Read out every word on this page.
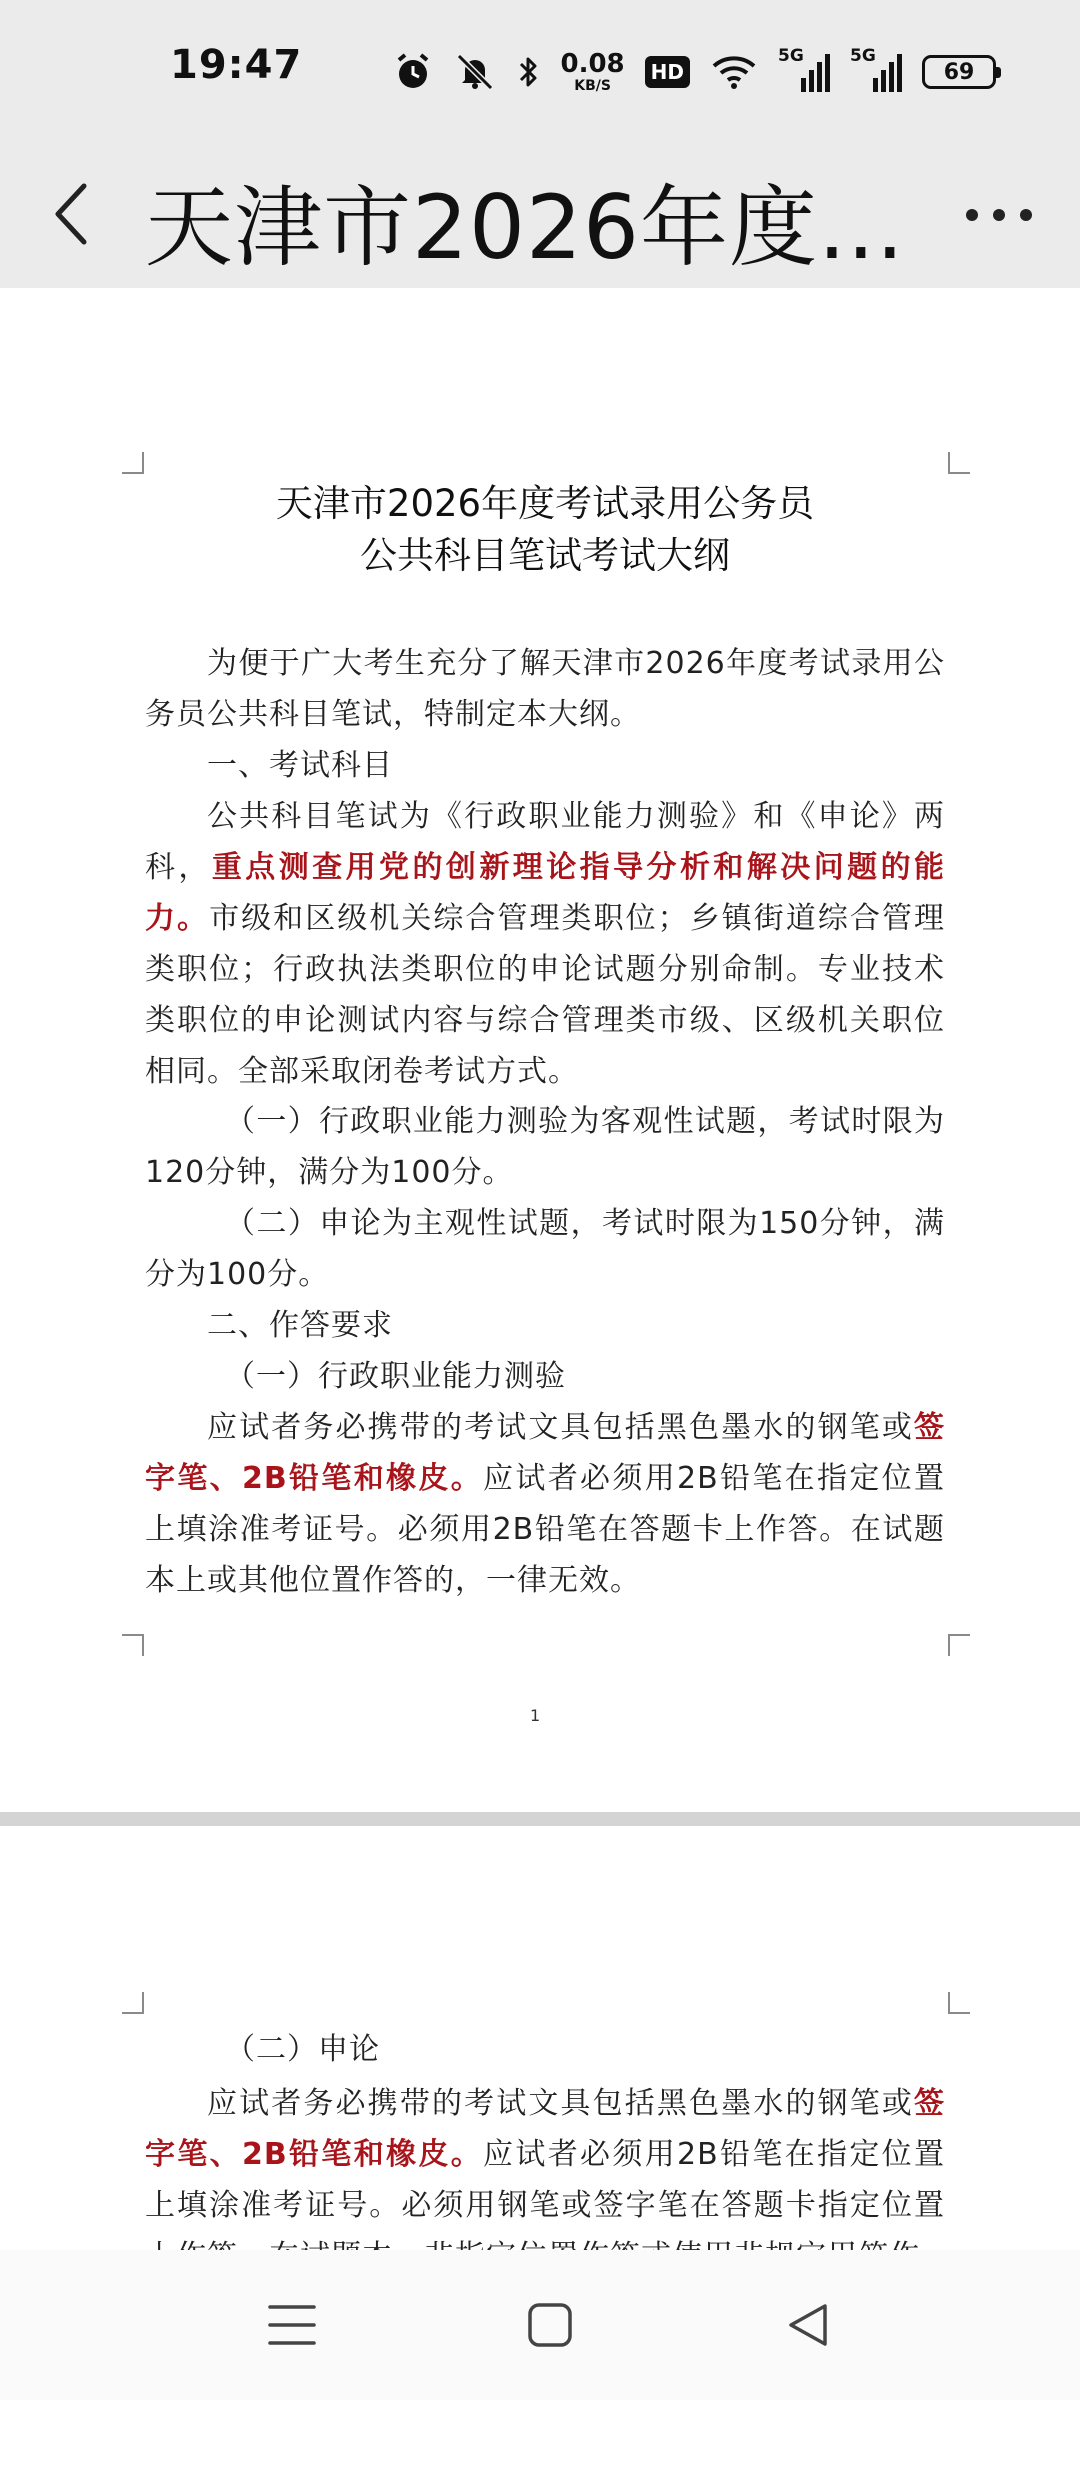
19:47	0.08
KB/S
HD
5G	5G
69
天津市2026年度...
天津市2026年度考试录用公务员
公共科目笔试考试大纲
为便于广大考生充分了解天津市2026年度考试录用公务员公共科目笔试，特制定本大纲。
一、考试科目
公共科目笔试为《行政职业能力测验》和《申论》两科，重点测查用党的创新理论指导分析和解决问题的能力。市级和区级机关综合管理类职位；乡镇街道综合管理类职位；行政执法类职位的申论试题分别命制。专业技术类职位的申论测试内容与综合管理类市级、区级机关职位相同。全部采取闭卷考试方式。
（一）行政职业能力测验为客观性试题，考试时限为120分钟，满分为100分。
（二）申论为主观性试题，考试时限为150分钟，满分为100分。
二、作答要求
（一）行政职业能力测验
应试者务必携带的考试文具包括黑色墨水的钢笔或签字笔、2B铅笔和橡皮。应试者必须用2B铅笔在指定位置上填涂准考证号。必须用2B铅笔在答题卡上作答。在试题本上或其他位置作答的，一律无效。
1
（二）申论
应试者务必携带的考试文具包括黑色墨水的钢笔或签字笔、2B铅笔和橡皮。应试者必须用2B铅笔在指定位置上填涂准考证号。必须用钢笔或签字笔在答题卡指定位置
